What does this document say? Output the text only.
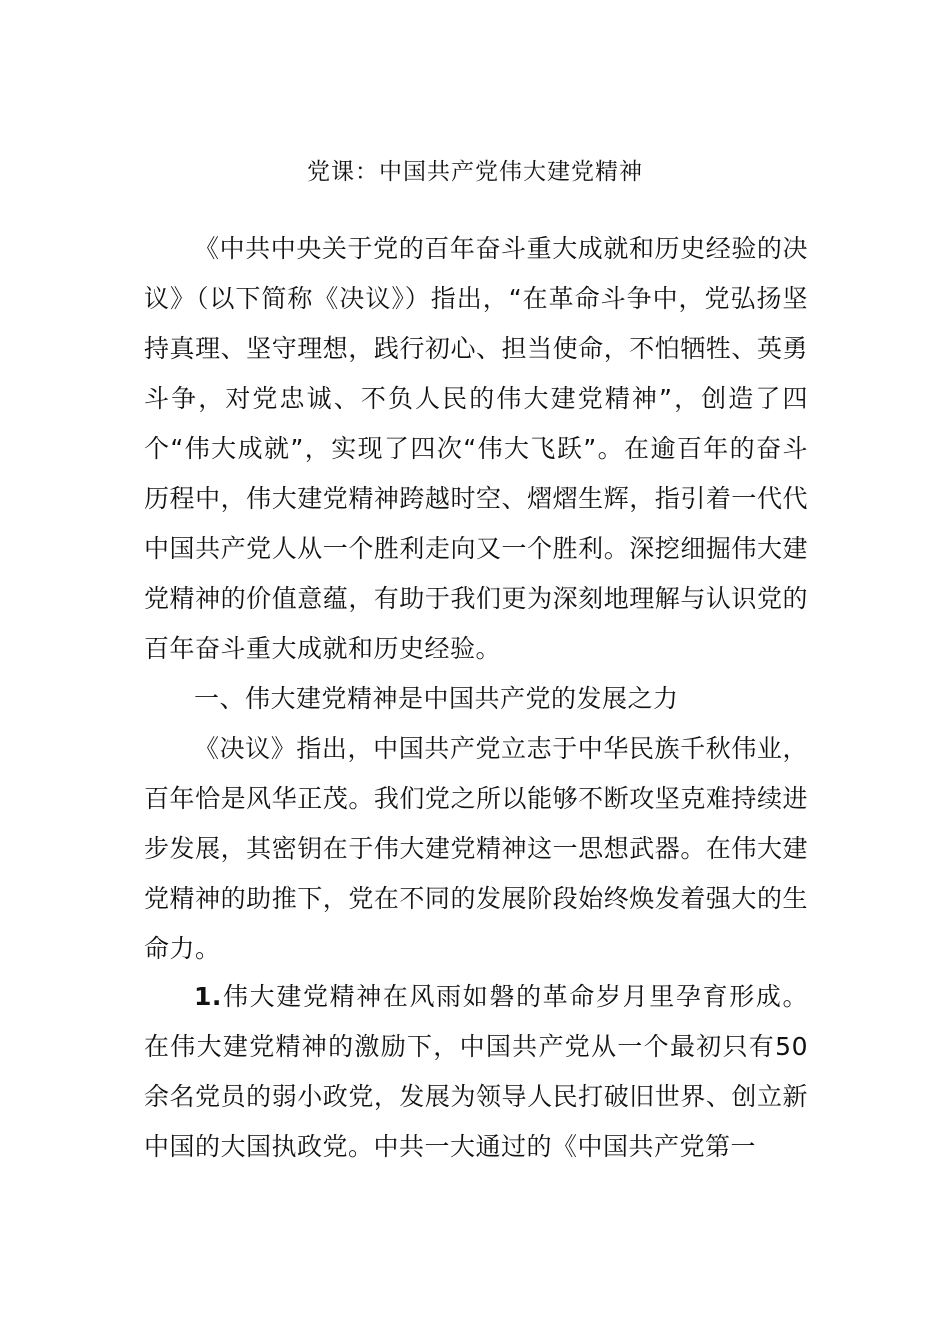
党课：中国共产党伟大建党精神

《中共中央关于党的百年奋斗重大成就和历史经验的决议》（以下简称《决议》）指出，“在革命斗争中，党弘扬坚持真理、坚守理想，践行初心、担当使命，不怕牺牲、英勇斗争，对党忠诚、不负人民的伟大建党精神”，创造了四个“伟大成就”，实现了四次“伟大飞跃”。在逾百年的奋斗历程中，伟大建党精神跨越时空、熠熠生辉，指引着一代代中国共产党人从一个胜利走向又一个胜利。深挖细掘伟大建党精神的价值意蕴，有助于我们更为深刻地理解与认识党的百年奋斗重大成就和历史经验。

一、伟大建党精神是中国共产党的发展之力

《决议》指出，中国共产党立志于中华民族千秋伟业，百年恰是风华正茂。我们党之所以能够不断攻坚克难持续进步发展，其密钥在于伟大建党精神这一思想武器。在伟大建党精神的助推下，党在不同的发展阶段始终焕发着强大的生命力。

1.伟大建党精神在风雨如磐的革命岁月里孕育形成。在伟大建党精神的激励下，中国共产党从一个最初只有50余名党员的弱小政党，发展为领导人民打破旧世界、创立新中国的大国执政党。中共一大通过的《中国共产党第一
